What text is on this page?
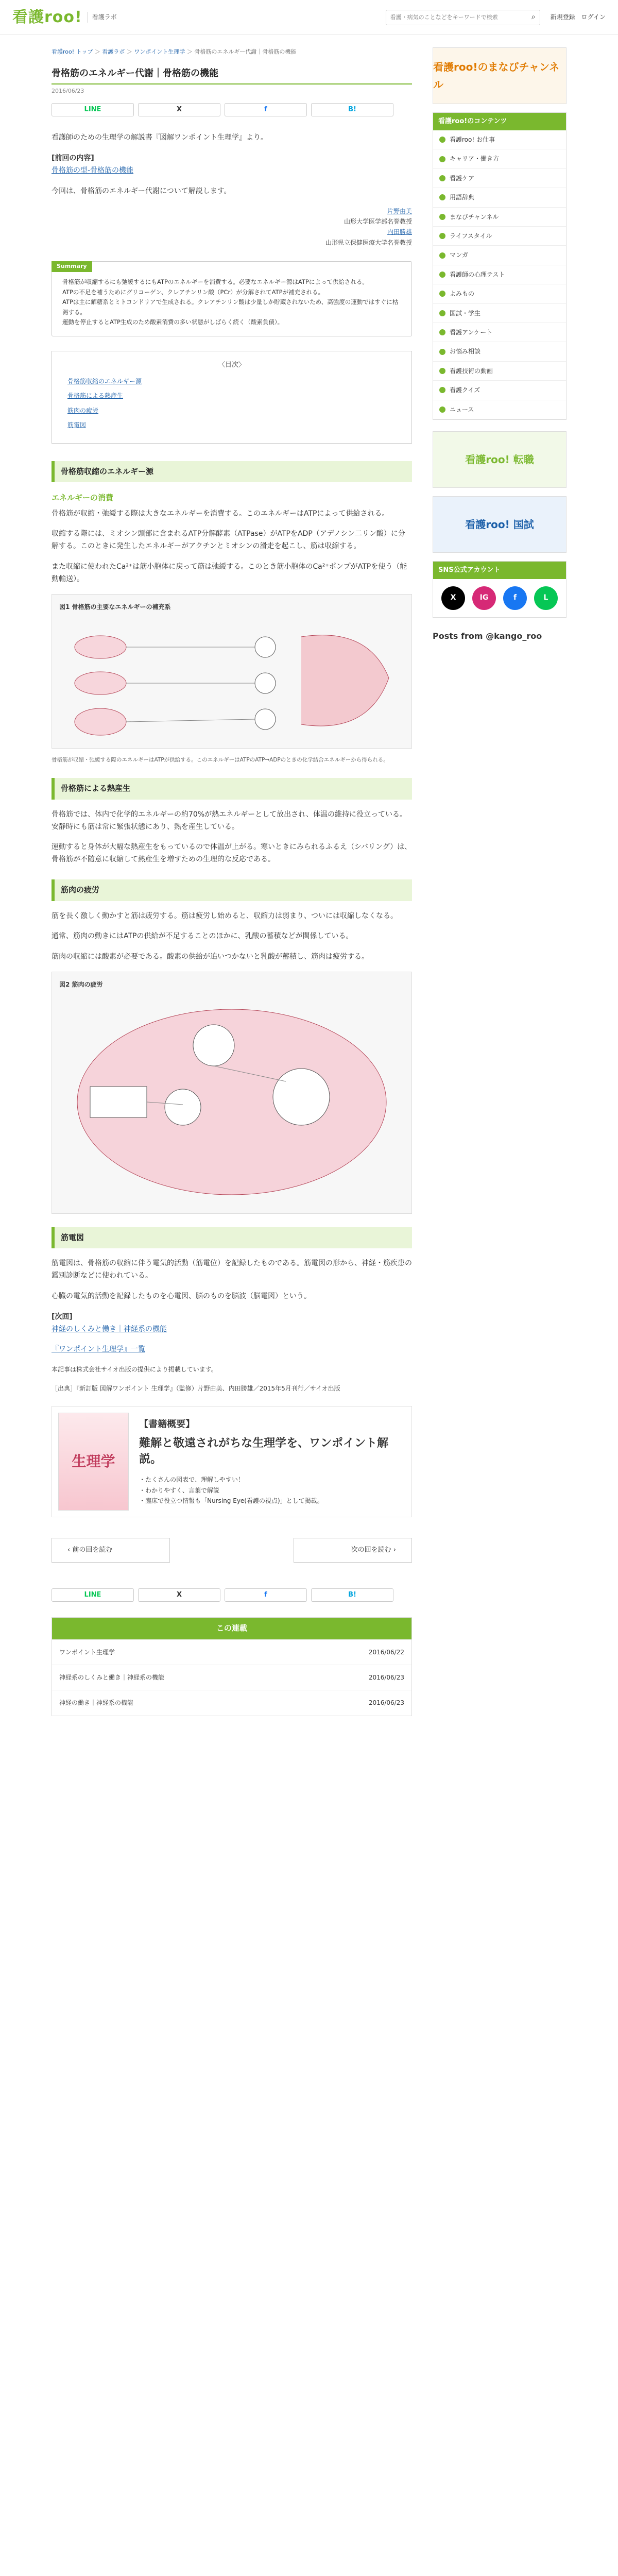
看護roo!	看護ラボ
看護・病気のことなどをキーワードで検索	⌕ 新規登録 ログイン
看護roo! トップ ＞ 看護ラボ ＞ ワンポイント生理学 ＞ 骨格筋のエネルギー代謝｜骨格筋の機能
骨格筋のエネルギー代謝｜骨格筋の機能
2016/06/23
LINE	X	f	B!

看護師のための生理学の解説書『図解ワンポイント生理学』より。

[前回の内容]

骨格筋の型‐骨格筋の機能

今回は、骨格筋のエネルギー代謝について解説します。

片野由美
山形大学医学部名誉教授
内田勝雄
山形県立保健医療大学名誉教授
Summary
骨格筋が収縮するにも弛緩するにもATPのエネルギーを消費する。必要なエネルギー源はATPによって供給される。
ATPの不足を補うためにグリコーゲン、クレアチンリン酸（PCr）が分解されてATPが補充される。
ATPは主に解糖系とミトコンドリアで生成される。クレアチンリン酸は少量しか貯蔵されないため、高強度の運動ではすぐに枯渇する。
運動を停止するとATP生成のため酸素消費の多い状態がしばらく続く（酸素負債）。
〈目次〉
骨格筋収縮のエネルギー源
骨格筋による熱産生
筋肉の疲労
筋電図
骨格筋収縮のエネルギー源
エネルギーの消費

骨格筋が収縮・弛緩する際は大きなエネルギーを消費する。このエネルギーはATPによって供給される。

収縮する際には、ミオシン頭部に含まれるATP分解酵素（ATPase）がATPをADP（アデノシン二リン酸）に分解する。このときに発生したエネルギーがアクチンとミオシンの滑走を起こし、筋は収縮する。

また収縮に使われたCa²⁺は筋小胞体に戻って筋は弛緩する。このとき筋小胞体のCa²⁺ポンプがATPを使う（能動輸送）。

図1 骨格筋の主要なエネルギーの補充系
骨格筋が収縮・弛緩する際のエネルギーはATPが供給する。このエネルギーはATPのATP→ADPのときの化学結合エネルギーから得られる。
骨格筋による熱産生

骨格筋では、体内で化学的エネルギーの約70%が熱エネルギーとして放出され、体温の維持に役立っている。安静時にも筋は常に緊張状態にあり、熱を産生している。

運動すると身体が大幅な熱産生をもっているので体温が上がる。寒いときにみられるふるえ（シバリング）は、骨格筋が不随意に収縮して熱産生を増すための生理的な反応である。

筋肉の疲労

筋を長く激しく動かすと筋は疲労する。筋は疲労し始めると、収縮力は弱まり、ついには収縮しなくなる。

通常、筋肉の動きにはATPの供給が不足することのほかに、乳酸の蓄積などが関係している。

筋肉の収縮には酸素が必要である。酸素の供給が追いつかないと乳酸が蓄積し、筋肉は疲労する。

図2 筋肉の疲労
筋電図

筋電図は、骨格筋の収縮に伴う電気的活動（筋電位）を記録したものである。筋電図の形から、神経・筋疾患の鑑別診断などに使われている。

心臓の電気的活動を記録したものを心電図、脳のものを脳波（脳電図）という。

[次回]

神経のしくみと働き｜神経系の機能

『ワンポイント生理学』一覧

本記事は株式会社サイオ出版の提供により掲載しています。

［出典］『新訂版 図解ワンポイント 生理学』（監修）片野由美、内田勝雄／2015年5月刊行／サイオ出版

生理学
【書籍概要】
難解と敬遠されがちな生理学を、ワンポイント解説。
・たくさんの図表で、理解しやすい！
・わかりやすく、言葉で解説
・臨床で役立つ情報も「Nursing Eye(看護の視点)」として掲載。
‹ 前の回を読む	次の回を読む ›
LINE	X	f	B!
この連載
ワンポイント生理学	2016/06/22
神経系のしくみと働き｜神経系の機能	2016/06/23
神経の働き｜神経系の機能	2016/06/23
看護roo!のまなびチャンネル
看護roo!のコンテンツ
看護roo! お仕事
キャリア・働き方
看護ケア
用語辞典
まなびチャンネル
ライフスタイル
マンガ
看護師の心理テスト
よみもの
国試・学生
看護アンケート
お悩み相談
看護技術の動画
看護クイズ
ニュース
看護roo! 転職
看護roo! 国試
SNS公式アカウント
X	IG	f	L
Posts from @kango_roo
